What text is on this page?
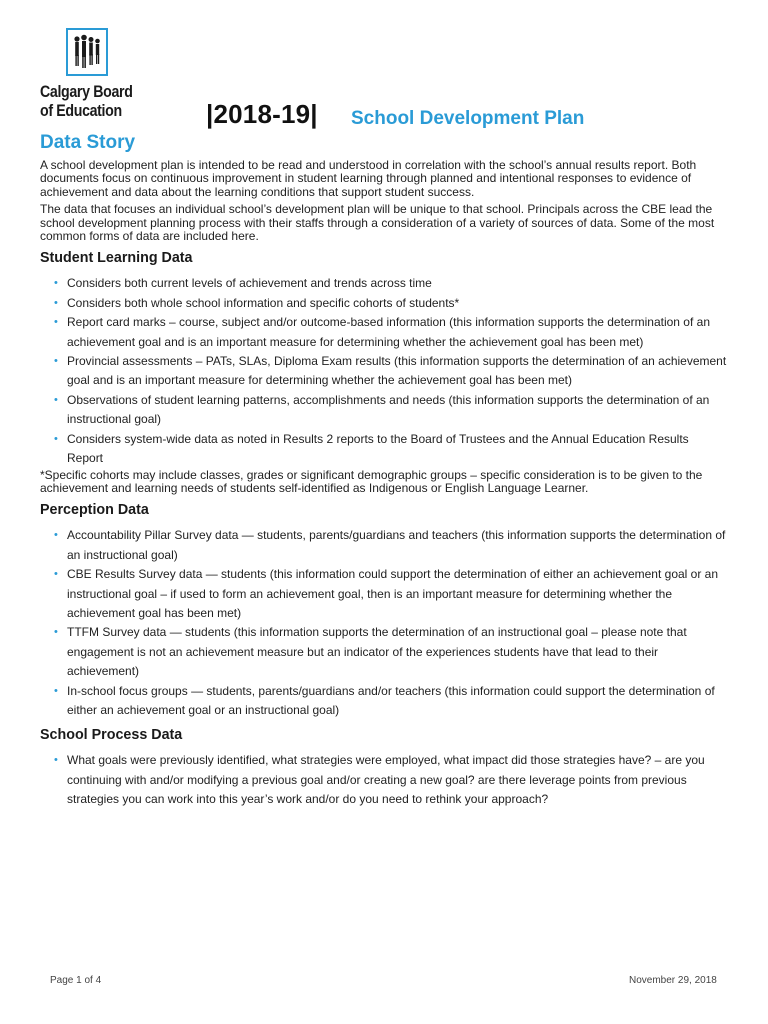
Calgary Board
of Education	|2018-19| School Development Plan
Data Story

A school development plan is intended to be read and understood in correlation with the school’s annual results report. Both documents focus on continuous improvement in student learning through planned and intentional responses to evidence of achievement and data about the learning conditions that support student success.

The data that focuses an individual school’s development plan will be unique to that school. Principals across the CBE lead the school development planning process with their staffs through a consideration of a variety of sources of data. Some of the most common forms of data are included here.

Student Learning Data
• Considers both current levels of achievement and trends across time
• Considers both whole school information and specific cohorts of students*
• Report card marks – course, subject and/or outcome-based information (this information supports the determination of an achievement goal and is an important measure for determining whether the achievement goal has been met)
• Provincial assessments – PATs, SLAs, Diploma Exam results (this information supports the determination of an achievement goal and is an important measure for determining whether the achievement goal has been met)
• Observations of student learning patterns, accomplishments and needs (this information supports the determination of an instructional goal)
• Considers system-wide data as noted in Results 2 reports to the Board of Trustees and the Annual Education Results Report

*Specific cohorts may include classes, grades or significant demographic groups – specific consideration is to be given to the achievement and learning needs of students self-identified as Indigenous or English Language Learner.

Perception Data
• Accountability Pillar Survey data — students, parents/guardians and teachers (this information supports the determination of an instructional goal)
• CBE Results Survey data — students (this information could support the determination of either an achievement goal or an instructional goal – if used to form an achievement goal, then is an important measure for determining whether the achievement goal has been met)
• TTFM Survey data — students (this information supports the determination of an instructional goal – please note that engagement is not an achievement measure but an indicator of the experiences students have that lead to their achievement)
• In-school focus groups — students, parents/guardians and/or teachers (this information could support the determination of either an achievement goal or an instructional goal)
School Process Data
• What goals were previously identified, what strategies were employed, what impact did those strategies have? – are you continuing with and/or modifying a previous goal and/or creating a new goal? are there leverage points from previous strategies you can work into this year’s work and/or do you need to rethink your approach?
Page 1 of 4	November 29, 2018
